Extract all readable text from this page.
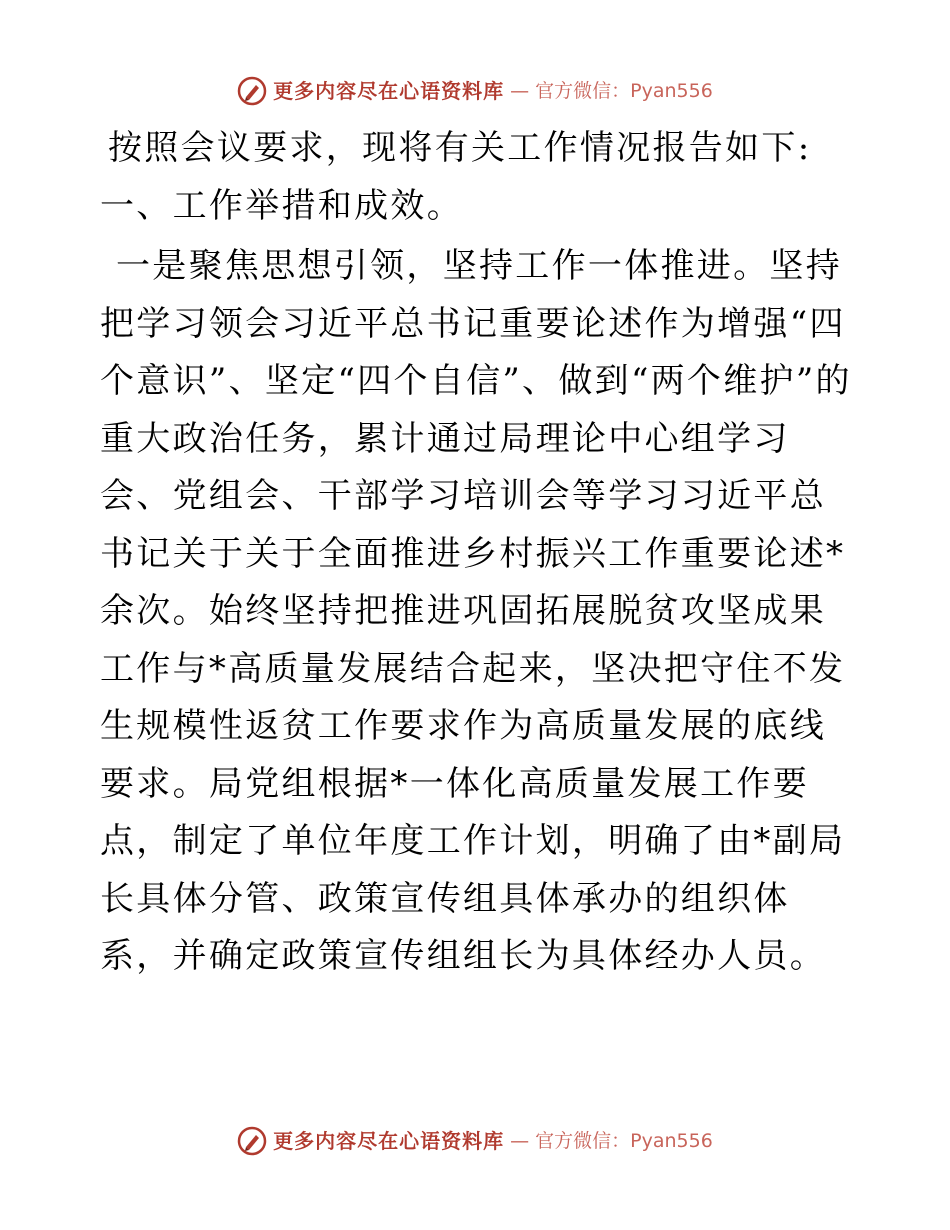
更多内容尽在心语资料库 — 官方微信：Pyan556

按照会议要求，现将有关工作情况报告如下:

一、工作举措和成效。

一是聚焦思想引领，坚持工作一体推进。坚持把学习领会习近平总书记重要论述作为增强“四个意识”、坚定“四个自信”、做到“两个维护”的重大政治任务，累计通过局理论中心组学习会、党组会、干部学习培训会等学习习近平总书记关于关于全面推进乡村振兴工作重要论述*余次。始终坚持把推进巩固拓展脱贫攻坚成果工作与*高质量发展结合起来，坚决把守住不发生规模性返贫工作要求作为高质量发展的底线要求。局党组根据*一体化高质量发展工作要点，制定了单位年度工作计划，明确了由*副局长具体分管、政策宣传组具体承办的组织体系，并确定政策宣传组组长为具体经办人员。

更多内容尽在心语资料库 — 官方微信：Pyan556
